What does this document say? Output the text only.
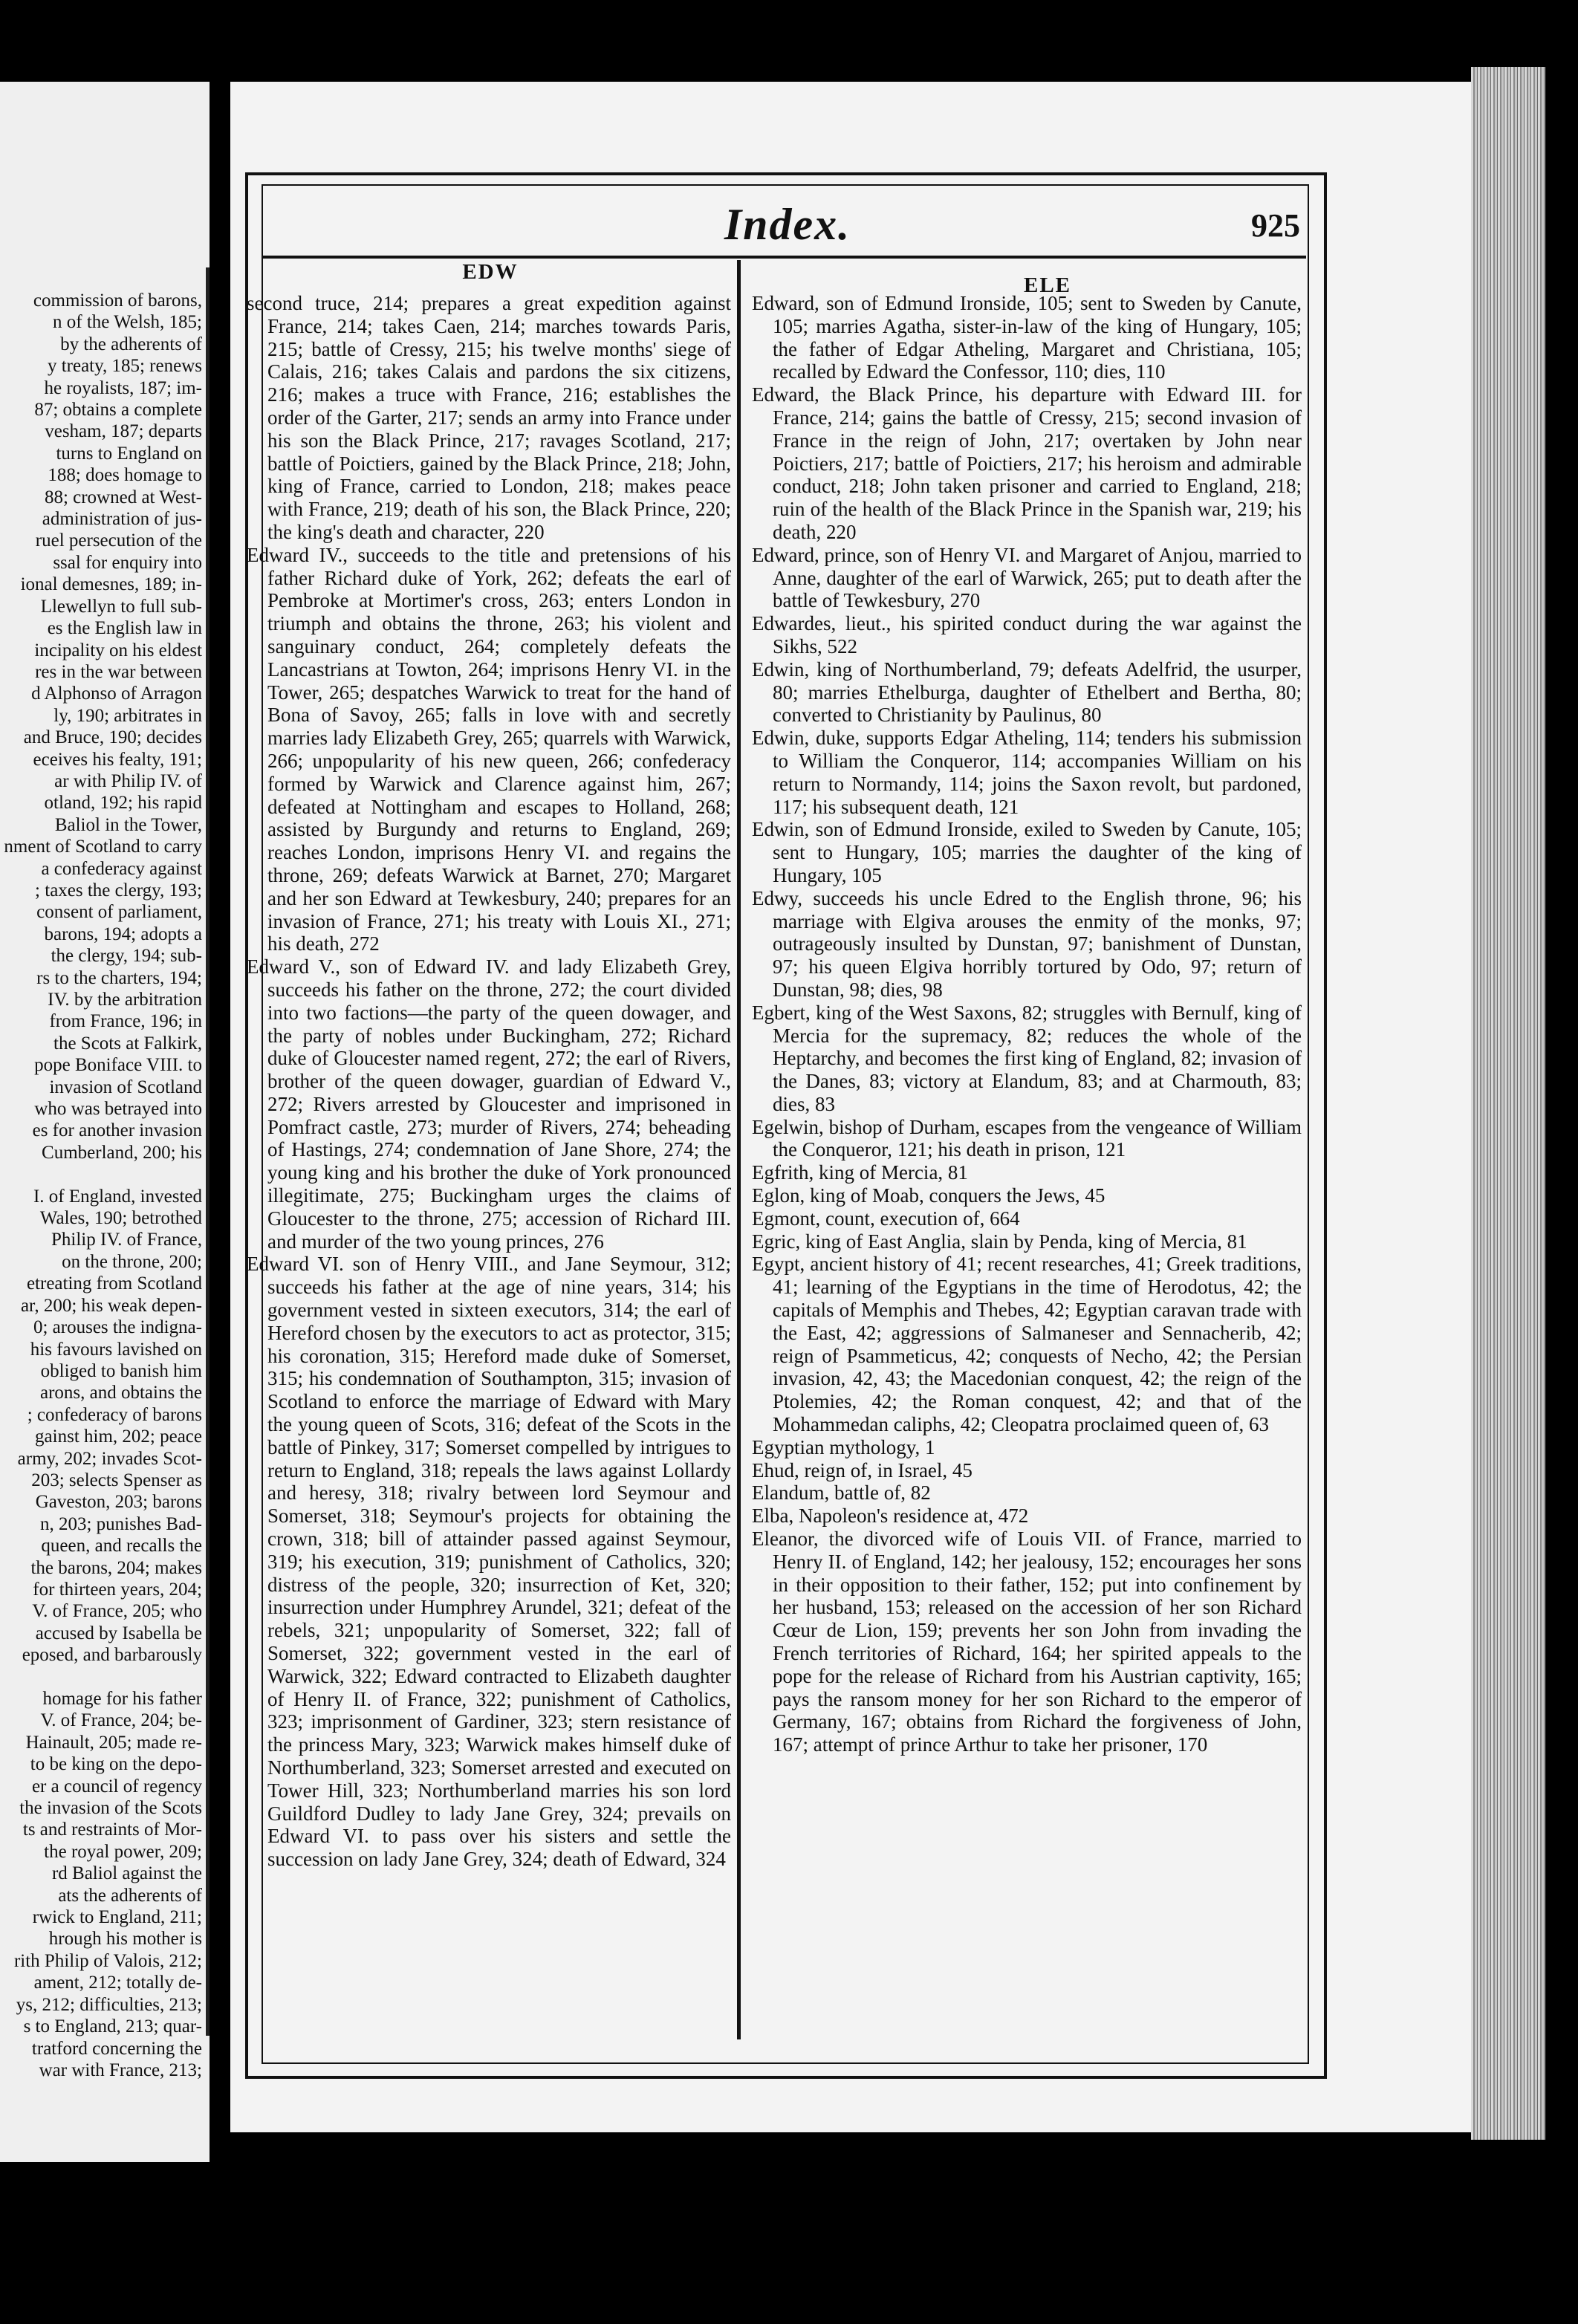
commission of barons,
n of the Welsh, 185;
by the adherents of
y treaty, 185; renews
he royalists, 187; im-
87; obtains a complete
vesham, 187; departs
turns to England on
188; does homage to
88; crowned at West-
administration of jus-
ruel persecution of the
ssal for enquiry into
ional demesnes, 189; in-
Llewellyn to full sub-
es the English law in
incipality on his eldest
res in the war between
d Alphonso of Arragon
ly, 190; arbitrates in
and Bruce, 190; decides
eceives his fealty, 191;
ar with Philip IV. of
otland, 192; his rapid
Baliol in the Tower,
nment of Scotland to carry
a confederacy against
; taxes the clergy, 193;
consent of parliament,
barons, 194; adopts a
the clergy, 194; sub-
rs to the charters, 194;
IV. by the arbitration
from France, 196; in
the Scots at Falkirk,
pope Boniface VIII. to
invasion of Scotland
who was betrayed into
es for another invasion
Cumberland, 200; his

I. of England, invested
Wales, 190; betrothed
Philip IV. of France,
on the throne, 200;
etreating from Scotland
ar, 200; his weak depen-
0; arouses the indigna-
his favours lavished on
obliged to banish him
arons, and obtains the
; confederacy of barons
gainst him, 202; peace
army, 202; invades Scot-
203; selects Spenser as
Gaveston, 203; barons
n, 203; punishes Bad-
queen, and recalls the
the barons, 204; makes
for thirteen years, 204;
V. of France, 205; who
accused by Isabella be
eposed, and barbarously

homage for his father
V. of France, 204; be-
Hainault, 205; made re-
to be king on the depo-
er a council of regency
the invasion of the Scots
ts and restraints of Mor-
the royal power, 209;
rd Baliol against the
ats the adherents of
rwick to England, 211;
hrough his mother is
rith Philip of Valois, 212;
ament, 212; totally de-
ys, 212; difficulties, 213;
s to England, 213; quar-
tratford concerning the
war with France, 213;
Index.	925
EDW
ELE

second truce, 214; prepares a great expedition against France, 214; takes Caen, 214; marches towards Paris, 215; battle of Cressy, 215; his twelve months' siege of Calais, 216; takes Calais and pardons the six citizens, 216; makes a truce with France, 216; establishes the order of the Garter, 217; sends an army into France under his son the Black Prince, 217; ravages Scotland, 217; battle of Poictiers, gained by the Black Prince, 218; John, king of France, carried to London, 218; makes peace with France, 219; death of his son, the Black Prince, 220; the king's death and character, 220

Edward IV., succeeds to the title and pretensions of his father Richard duke of York, 262; defeats the earl of Pembroke at Mortimer's cross, 263; enters London in triumph and obtains the throne, 263; his violent and sanguinary conduct, 264; completely defeats the Lancastrians at Towton, 264; imprisons Henry VI. in the Tower, 265; despatches Warwick to treat for the hand of Bona of Savoy, 265; falls in love with and secretly marries lady Elizabeth Grey, 265; quarrels with Warwick, 266; unpopularity of his new queen, 266; confederacy formed by Warwick and Clarence against him, 267; defeated at Nottingham and escapes to Holland, 268; assisted by Burgundy and returns to England, 269; reaches London, imprisons Henry VI. and regains the throne, 269; defeats Warwick at Barnet, 270; Margaret and her son Edward at Tewkesbury, 240; prepares for an invasion of France, 271; his treaty with Louis XI., 271; his death, 272

Edward V., son of Edward IV. and lady Elizabeth Grey, succeeds his father on the throne, 272; the court divided into two factions—the party of the queen dowager, and the party of nobles under Buckingham, 272; Richard duke of Gloucester named regent, 272; the earl of Rivers, brother of the queen dowager, guardian of Edward V., 272; Rivers arrested by Gloucester and imprisoned in Pomfract castle, 273; murder of Rivers, 274; beheading of Hastings, 274; condemnation of Jane Shore, 274; the young king and his brother the duke of York pronounced illegitimate, 275; Buckingham urges the claims of Gloucester to the throne, 275; accession of Richard III. and murder of the two young princes, 276

Edward VI. son of Henry VIII., and Jane Seymour, 312; succeeds his father at the age of nine years, 314; his government vested in sixteen executors, 314; the earl of Hereford chosen by the executors to act as protector, 315; his coronation, 315; Hereford made duke of Somerset, 315; his condemnation of Southampton, 315; invasion of Scotland to enforce the marriage of Edward with Mary the young queen of Scots, 316; defeat of the Scots in the battle of Pinkey, 317; Somerset compelled by intrigues to return to England, 318; repeals the laws against Lollardy and heresy, 318; rivalry between lord Seymour and Somerset, 318; Seymour's projects for obtaining the crown, 318; bill of attainder passed against Seymour, 319; his execution, 319; punishment of Catholics, 320; distress of the people, 320; insurrection of Ket, 320; insurrection under Humphrey Arundel, 321; defeat of the rebels, 321; unpopularity of Somerset, 322; fall of Somerset, 322; government vested in the earl of Warwick, 322; Edward contracted to Elizabeth daughter of Henry II. of France, 322; punishment of Catholics, 323; imprisonment of Gardiner, 323; stern resistance of the princess Mary, 323; Warwick makes himself duke of Northumberland, 323; Somerset arrested and executed on Tower Hill, 323; Northumberland marries his son lord Guildford Dudley to lady Jane Grey, 324; prevails on Edward VI. to pass over his sisters and settle the succession on lady Jane Grey, 324; death of Edward, 324

Edward, son of Edmund Ironside, 105; sent to Sweden by Canute, 105; marries Agatha, sister-in-law of the king of Hungary, 105; the father of Edgar Atheling, Margaret and Christiana, 105; recalled by Edward the Confessor, 110; dies, 110

Edward, the Black Prince, his departure with Edward III. for France, 214; gains the battle of Cressy, 215; second invasion of France in the reign of John, 217; overtaken by John near Poictiers, 217; battle of Poictiers, 217; his heroism and admirable conduct, 218; John taken prisoner and carried to England, 218; ruin of the health of the Black Prince in the Spanish war, 219; his death, 220

Edward, prince, son of Henry VI. and Margaret of Anjou, married to Anne, daughter of the earl of Warwick, 265; put to death after the battle of Tewkesbury, 270

Edwardes, lieut., his spirited conduct during the war against the Sikhs, 522

Edwin, king of Northumberland, 79; defeats Adelfrid, the usurper, 80; marries Ethelburga, daughter of Ethelbert and Bertha, 80; converted to Christianity by Paulinus, 80

Edwin, duke, supports Edgar Atheling, 114; tenders his submission to William the Conqueror, 114; accompanies William on his return to Normandy, 114; joins the Saxon revolt, but pardoned, 117; his subsequent death, 121

Edwin, son of Edmund Ironside, exiled to Sweden by Canute, 105; sent to Hungary, 105; marries the daughter of the king of Hungary, 105

Edwy, succeeds his uncle Edred to the English throne, 96; his marriage with Elgiva arouses the enmity of the monks, 97; outrageously insulted by Dunstan, 97; banishment of Dunstan, 97; his queen Elgiva horribly tortured by Odo, 97; return of Dunstan, 98; dies, 98

Egbert, king of the West Saxons, 82; struggles with Bernulf, king of Mercia for the supremacy, 82; reduces the whole of the Heptarchy, and becomes the first king of England, 82; invasion of the Danes, 83; victory at Elandum, 83; and at Charmouth, 83; dies, 83

Egelwin, bishop of Durham, escapes from the vengeance of William the Conqueror, 121; his death in prison, 121

Egfrith, king of Mercia, 81

Eglon, king of Moab, conquers the Jews, 45

Egmont, count, execution of, 664

Egric, king of East Anglia, slain by Penda, king of Mercia, 81

Egypt, ancient history of 41; recent researches, 41; Greek traditions, 41; learning of the Egyptians in the time of Herodotus, 42; the capitals of Memphis and Thebes, 42; Egyptian caravan trade with the East, 42; aggressions of Salmaneser and Sennacherib, 42; reign of Psammeticus, 42; conquests of Necho, 42; the Persian invasion, 42, 43; the Macedonian conquest, 42; the reign of the Ptolemies, 42; the Roman conquest, 42; and that of the Mohammedan caliphs, 42; Cleopatra proclaimed queen of, 63

Egyptian mythology, 1

Ehud, reign of, in Israel, 45

Elandum, battle of, 82

Elba, Napoleon's residence at, 472

Eleanor, the divorced wife of Louis VII. of France, married to Henry II. of England, 142; her jealousy, 152; encourages her sons in their opposition to their father, 152; put into confinement by her husband, 153; released on the accession of her son Richard Cœur de Lion, 159; prevents her son John from invading the French territories of Richard, 164; her spirited appeals to the pope for the release of Richard from his Austrian captivity, 165; pays the ransom money for her son Richard to the emperor of Germany, 167; obtains from Richard the forgiveness of John, 167; attempt of prince Arthur to take her prisoner, 170
